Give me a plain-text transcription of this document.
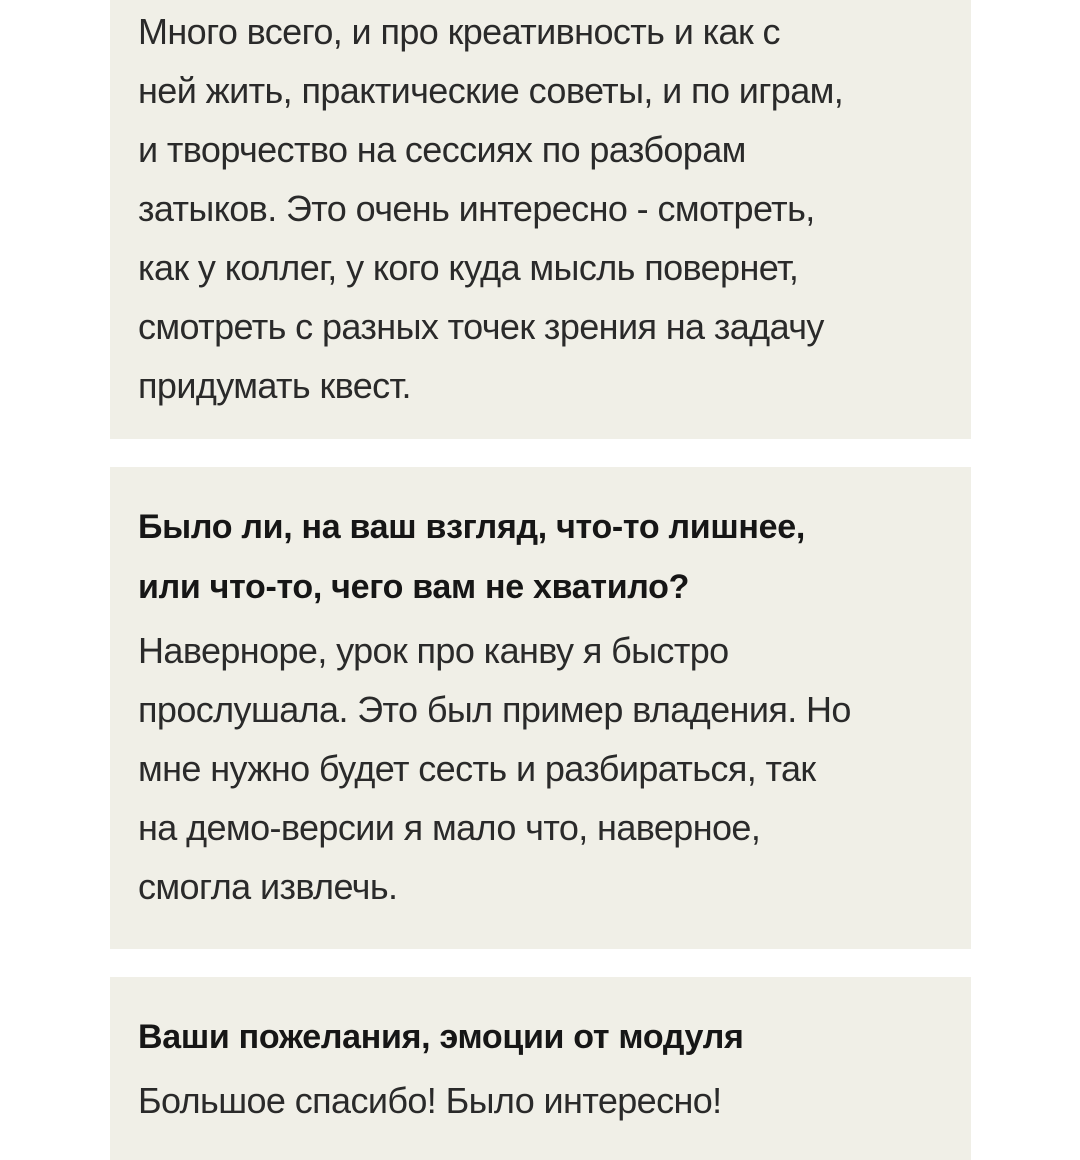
Много всего, и про креативность и как с
ней жить, практические советы, и по играм,
и творчество на сессиях по разборам
затыков. Это очень интересно - смотреть,
как у коллег, у кого куда мысль повернет,
смотреть с разных точек зрения на задачу
придумать квест.

Было ли, на ваш взгляд, что-то лишнее,
или что-то, чего вам не хватило?

Наверноре, урок про канву я быстро
прослушала. Это был пример владения. Но
мне нужно будет сесть и разбираться, так
на демо-версии я мало что, наверное,
смогла извлечь.

Ваши пожелания, эмоции от модуля

Большое спасибо! Было интересно!
